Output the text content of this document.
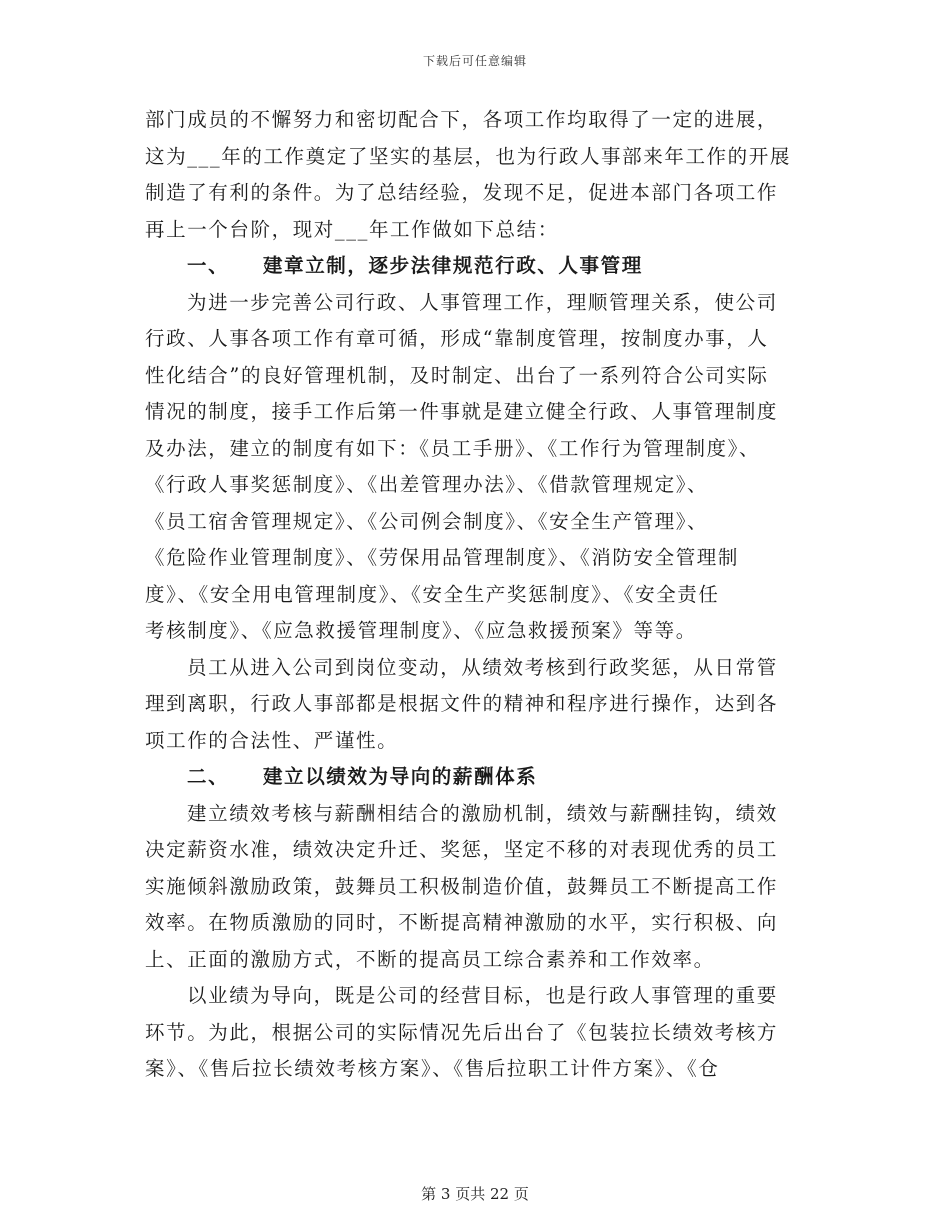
下载后可任意编辑
部门成员的不懈努力和密切配合下，各项工作均取得了一定的进展，
这为___年的工作奠定了坚实的基层，也为行政人事部来年工作的开展
制造了有利的条件。为了总结经验，发现不足，促进本部门各项工作
再上一个台阶，现对___年工作做如下总结：
一、 建章立制，逐步法律规范行政、人事管理
为进一步完善公司行政、人事管理工作，理顺管理关系，使公司
行政、人事各项工作有章可循，形成“靠制度管理，按制度办事，人
性化结合”的良好管理机制，及时制定、出台了一系列符合公司实际
情况的制度，接手工作后第一件事就是建立健全行政、人事管理制度
及办法，建立的制度有如下：《员工手册》、《工作行为管理制度》、
《行政人事奖惩制度》、《出差管理办法》、《借款管理规定》、
《员工宿舍管理规定》、《公司例会制度》、《安全生产管理》、
《危险作业管理制度》、《劳保用品管理制度》、《消防安全管理制
度》、《安全用电管理制度》、《安全生产奖惩制度》、《安全责任
考核制度》、《应急救援管理制度》、《应急救援预案》等等。
员工从进入公司到岗位变动，从绩效考核到行政奖惩，从日常管
理到离职，行政人事部都是根据文件的精神和程序进行操作，达到各
项工作的合法性、严谨性。
二、 建立以绩效为导向的薪酬体系
建立绩效考核与薪酬相结合的激励机制，绩效与薪酬挂钩，绩效
决定薪资水准，绩效决定升迁、奖惩，坚定不移的对表现优秀的员工
实施倾斜激励政策，鼓舞员工积极制造价值，鼓舞员工不断提高工作
效率。在物质激励的同时，不断提高精神激励的水平，实行积极、向
上、正面的激励方式，不断的提高员工综合素养和工作效率。
以业绩为导向，既是公司的经营目标，也是行政人事管理的重要
环节。为此，根据公司的实际情况先后出台了《包装拉长绩效考核方
案》、《售后拉长绩效考核方案》、《售后拉职工计件方案》、《仓
第 3 页共 22 页
